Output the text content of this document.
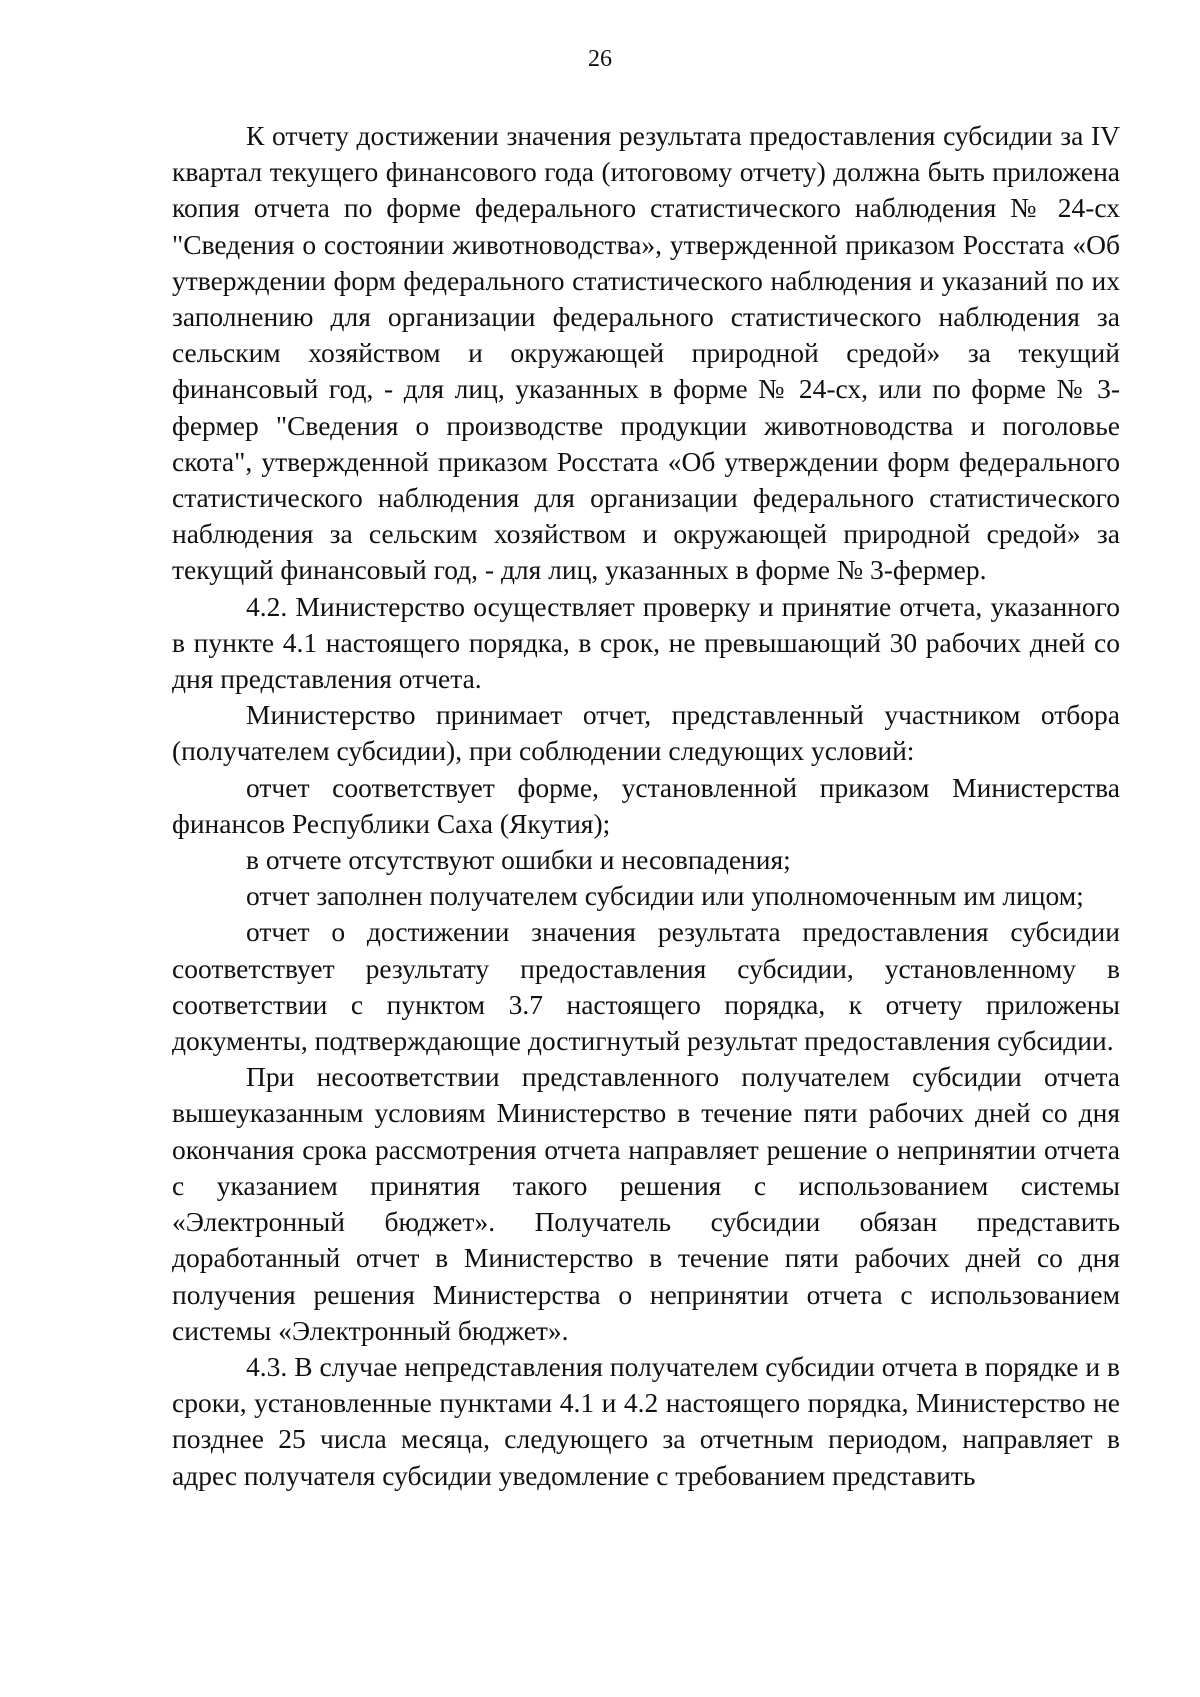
26

К отчету достижении значения результата предоставления субсидии за IV квартал текущего финансового года (итоговому отчету) должна быть приложена копия отчета по форме федерального статистического наблюдения № 24-сх "Сведения о состоянии животноводства», утвержденной приказом Росстата «Об утверждении форм федерального статистического наблюдения и указаний по их заполнению для организации федерального статистического наблюдения за сельским хозяйством и окружающей природной средой» за текущий финансовый год, - для лиц, указанных в форме № 24-сх, или по форме № 3-фермер "Сведения о производстве продукции животноводства и поголовье скота", утвержденной приказом Росстата «Об утверждении форм федерального статистического наблюдения для организации федерального статистического наблюдения за сельским хозяйством и окружающей природной средой» за текущий финансовый год, - для лиц, указанных в форме № 3-фермер.

4.2. Министерство осуществляет проверку и принятие отчета, указанного в пункте 4.1 настоящего порядка, в срок, не превышающий 30 рабочих дней со дня представления отчета.

Министерство принимает отчет, представленный участником отбора (получателем субсидии), при соблюдении следующих условий:

отчет соответствует форме, установленной приказом Министерства финансов Республики Саха (Якутия);

в отчете отсутствуют ошибки и несовпадения;

отчет заполнен получателем субсидии или уполномоченным им лицом;

отчет о достижении значения результата предоставления субсидии соответствует результату предоставления субсидии, установленному в соответствии с пунктом 3.7 настоящего порядка, к отчету приложены документы, подтверждающие достигнутый результат предоставления субсидии.

При несоответствии представленного получателем субсидии отчета вышеуказанным условиям Министерство в течение пяти рабочих дней со дня окончания срока рассмотрения отчета направляет решение о непринятии отчета с указанием принятия такого решения с использованием системы «Электронный бюджет». Получатель субсидии обязан представить доработанный отчет в Министерство в течение пяти рабочих дней со дня получения решения Министерства о непринятии отчета с использованием системы «Электронный бюджет».

4.3. В случае непредставления получателем субсидии отчета в порядке и в сроки, установленные пунктами 4.1 и 4.2 настоящего порядка, Министерство не позднее 25 числа месяца, следующего за отчетным периодом, направляет в адрес получателя субсидии уведомление с требованием представить
